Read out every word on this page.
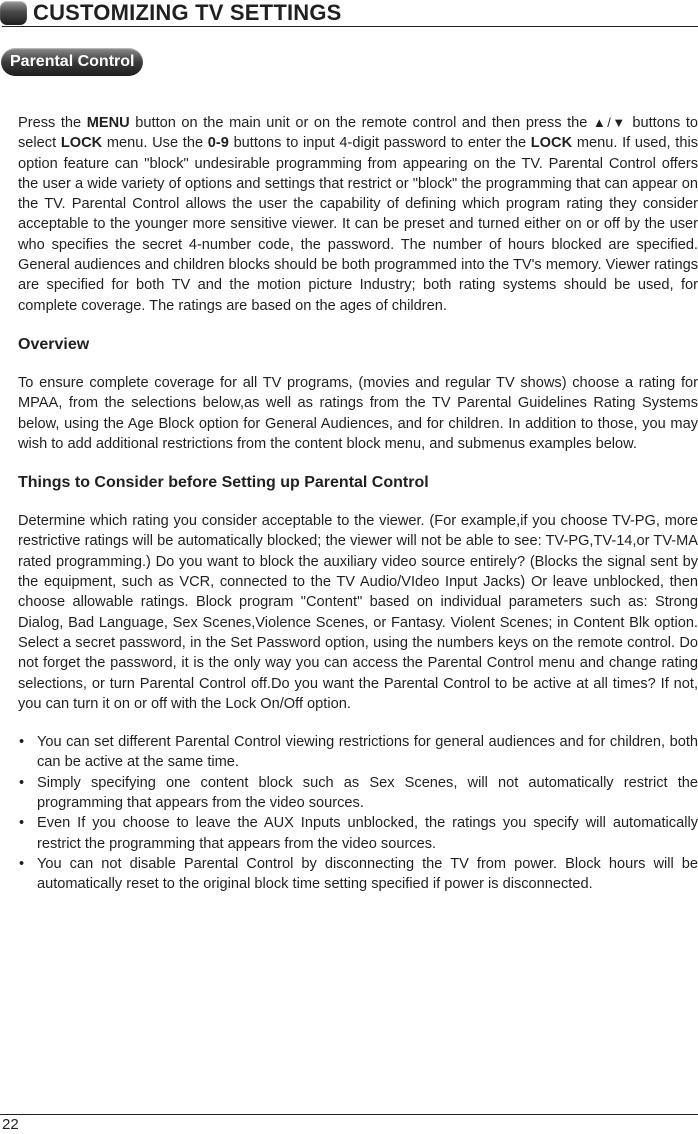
CUSTOMIZING TV SETTINGS
Parental Control

Press the MENU button on the main unit or on the remote control and then press the ▲/▼ buttons to select LOCK menu. Use the 0-9 buttons to input 4-digit password to enter the LOCK menu. If used, this option feature can "block" undesirable programming from appearing on the TV. Parental Control offers the user a wide variety of options and settings that restrict or "block" the programming that can appear on the TV. Parental Control allows the user the capability of defining which program rating they consider acceptable to the younger more sensitive viewer. It can be preset and turned either on or off by the user who specifies the secret 4-number code, the password. The number of hours blocked are specified. General audiences and children blocks should be both programmed into the TV's memory. Viewer ratings are specified for both TV and the motion picture Industry; both rating systems should be used, for complete coverage. The ratings are based on the ages of children.

Overview

To ensure complete coverage for all TV programs, (movies and regular TV shows) choose a rating for MPAA, from the selections below,as well as ratings from the TV Parental Guidelines Rating Systems below, using the Age Block option for General Audiences, and for children. In addition to those, you may wish to add additional restrictions from the content block menu, and submenus examples below.

Things to Consider before Setting up Parental Control

Determine which rating you consider acceptable to the viewer. (For example,if you choose TV-PG, more restrictive ratings will be automatically blocked; the viewer will not be able to see: TV-PG,TV-14,or TV-MA rated programming.) Do you want to block the auxiliary video source entirely? (Blocks the signal sent by the equipment, such as VCR, connected to the TV Audio/VIdeo Input Jacks) Or leave unblocked, then choose allowable ratings. Block program "Content" based on individual parameters such as: Strong Dialog, Bad Language, Sex Scenes,Violence Scenes, or Fantasy. Violent Scenes; in Content Blk option. Select a secret password, in the Set Password option, using the numbers keys on the remote control. Do not forget the password, it is the only way you can access the Parental Control menu and change rating selections, or turn Parental Control off.Do you want the Parental Control to be active at all times? If not, you can turn it on or off with the Lock On/Off option.

• You can set different Parental Control viewing restrictions for general audiences and for children, both can be active at the same time.
• Simply specifying one content block such as Sex Scenes, will not automatically restrict the programming that appears from the video sources.
• Even If you choose to leave the AUX Inputs unblocked, the ratings you specify will automatically restrict the programming that appears from the video sources.
• You can not disable Parental Control by disconnecting the TV from power. Block hours will be automatically reset to the original block time setting specified if power is disconnected.
22
